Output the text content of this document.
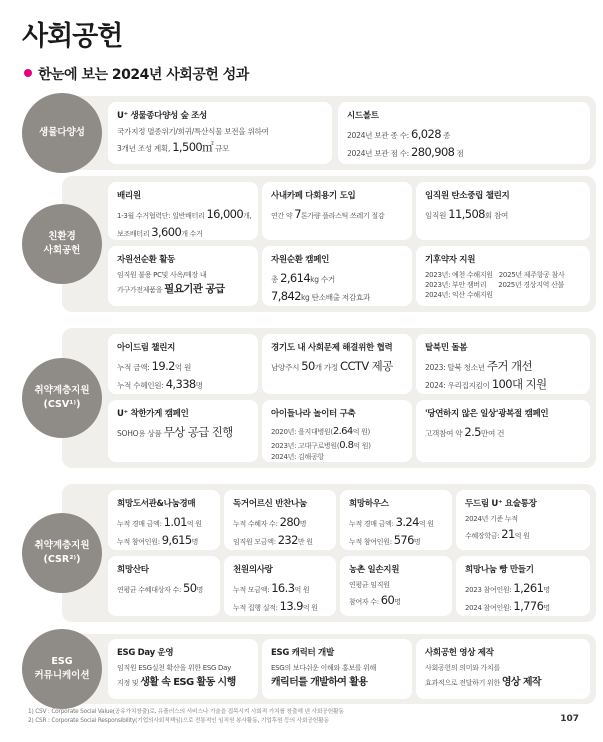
사회공헌
한눈에 보는 2024년 사회공헌 성과
생물다양성
U⁺ 생물종다양성 숲 조성
국가지정 멸종위기/희귀/특산식물 보전을 위하여
3개년 조성 계획, 1,500㎡ 규모
시드볼트
2024년 보관 종 수: 6,028 종
2024년 보관 점 수: 280,908 점
친환경
사회공헌
배리원
1-3월 수거협력단: 일반배터리 16,000개,
보조배터리 3,600개 수거
사내카페 다회용기 도입
연간 약 7톤가량 플라스틱 쓰레기 절감
임직원 탄소중립 챌린지
임직원 11,508회 참여
자원선순환 활동
임직원 불용 PC및 사옥/매장 내
가구가전제품을 필요기관 공급
자원순환 캠페인
총 2,614kg 수거
7,842kg 탄소배출 저감효과
기후약자 지원
2023년: 예천 수해지원 2025년 제주항공 참사
2023년: 부안 잼버리 2025년 경상지역 산불
2024년: 익산 수해지원
취약계층지원
(CSV¹⁾)
아이드림 챌린지
누적 금액: 19.2억 원
누적 수혜인원: 4,338명
경기도 내 사회문제 해결위한 협력
남양주시 50개 가정 CCTV 제공
탈북민 돌봄
2023: 탈북 청소년 주거 개선
2024: 우리집지킴이 100대 지원
U⁺ 착한가게 캠페인
SOHO용 상품 무상 공급 진행
아이들나라 놀이터 구축
2020년: 을지대병원(2.64억 원)
2023년: 고대구로병원(0.8억 원)
2024년: 김해공항
'당연하지 않은 일상'광복절 캠페인
고객참여 약 2.5만여 건
취약계층지원
(CSR²⁾)
희망도서관&나눔경매
누적 경매 금액: 1.01억 원
누적 참여인원: 9,615명
독거어르신 반찬나눔
누적 수혜자 수: 280명
임직원 모금액: 232만 원
희망하우스
누적 경매 금액: 3.24억 원
누적 참여인원: 576명
두드림 U⁺ 요술통장
2024년 기준 누적
수혜장학금: 21억 원
희망산타
연평균 수혜대상자 수: 50명
천원의사랑
누적 모금액: 16.3억 원
누적 집행 실적: 13.9억 원
농촌 일손지원
연평균 임직원
참여자 수: 60명
희망나눔 빵 만들기
2023 참여인원: 1,261명
2024 참여인원: 1,776명
ESG
커뮤니케이션
ESG Day 운영
임직원 ESG실천 확산을 위한 ESG Day
지정 및 생활 속 ESG 활동 시행
ESG 캐릭터 개발
ESG의 보다쉬운 이해와 홍보를 위해
캐릭터를 개발하여 활용
사회공헌 영상 제작
사회공헌의 의미와 가치를
효과적으로 전달하기 위한 영상 제작
1) CSV : Corporate Social Value(공유가치창출)로, 유플러스의 서비스나 기술을 접목시켜 사회적 가치를 창출해 낸 사회공헌활동
2) CSR : Corporate Social Responsibility(기업의사회적책임)으로 전통적인 임직원 봉사활동, 기업후원 등의 사회공헌활동	107
